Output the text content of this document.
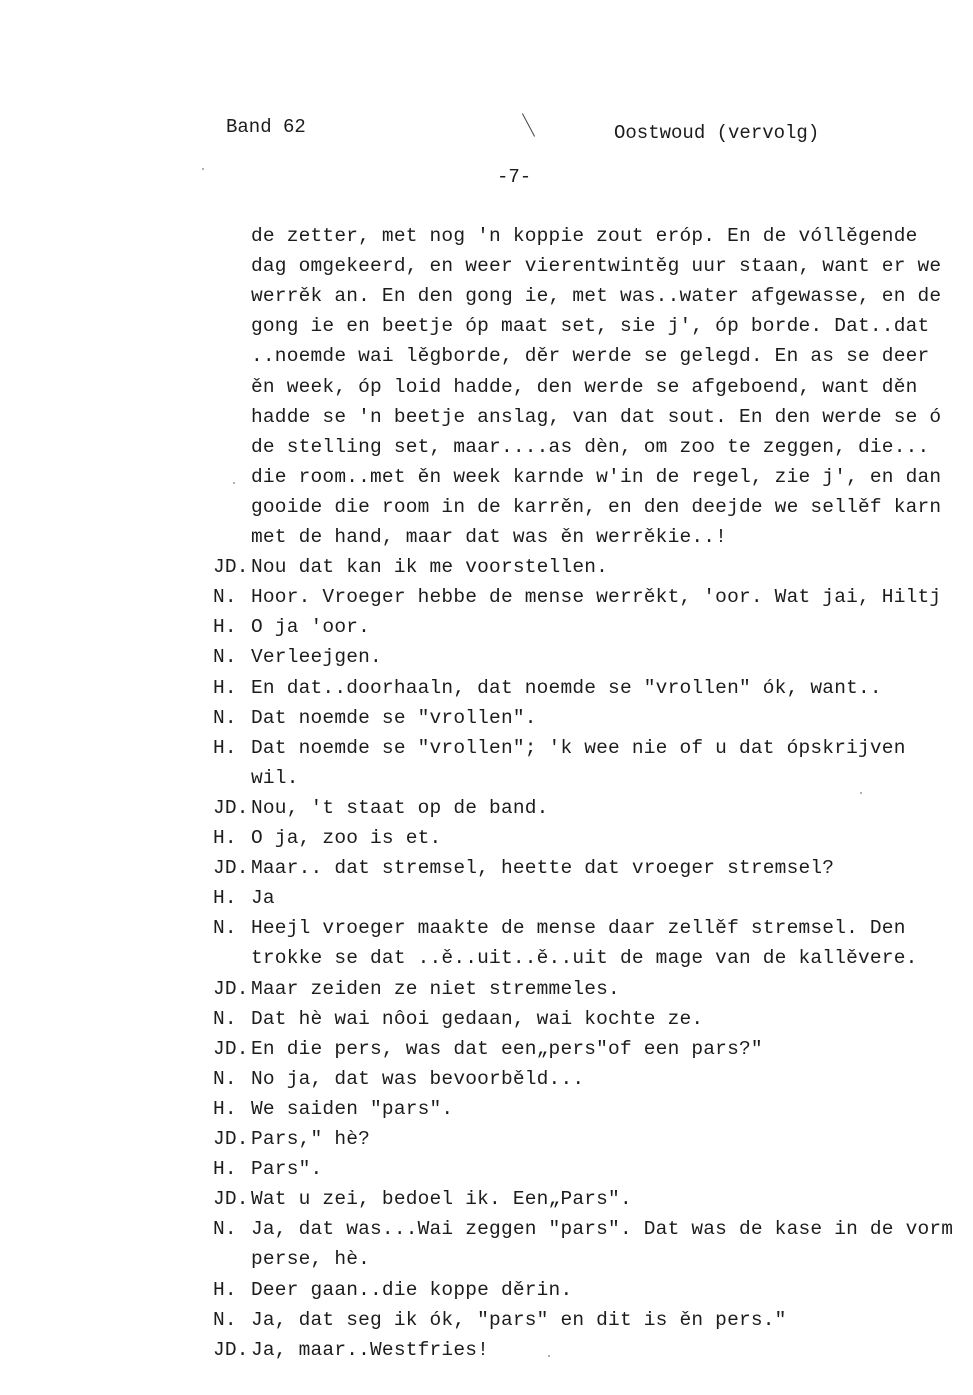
Band 62	Oostwoud (vervolg)
-7-
de zetter, met nog 'n koppie zout eróp. En de vóllěgende
dag omgekeerd, en weer vierentwintěg uur staan, want er we
werrěk an. En den gong ie, met was..water afgewasse, en de
gong ie en beetje óp maat set, sie j', óp borde. Dat..dat
..noemde wai lěgborde, děr werde se gelegd. En as se deer
ěn week, óp loid hadde, den werde se afgeboend, want děn
hadde se 'n beetje anslag, van dat sout. En den werde se ó
de stelling set, maar....as dèn, om zoo te zeggen, die...
die room..met ěn week karnde w'in de regel, zie j', en dan
gooide die room in de karrěn, en den deejde we sellěf karn
met de hand, maar dat was ěn werrěkie..!
JD. Nou dat kan ik me voorstellen.
N. Hoor. Vroeger hebbe de mense werrěkt, 'oor. Wat jai, Hiltj
H. O ja 'oor.
N. Verleejgen.
H. En dat..doorhaaln, dat noemde se "vrollen" ók, want..
N. Dat noemde se "vrollen".
H. Dat noemde se "vrollen"; 'k wee nie of u dat ópskrijven
wil.
JD. Nou, 't staat op de band.
H. O ja, zoo is et.
JD. Maar.. dat stremsel, heette dat vroeger stremsel?
H. Ja
N. Heejl vroeger maakte de mense daar zellěf stremsel. Den
trokke se dat ..ě..uit..ě..uit de mage van de kallěvere.
JD. Maar zeiden ze niet stremmeles.
N. Dat hè wai nôoi gedaan, wai kochte ze.
JD. En die pers, was dat een„pers"of een pars?"
N. No ja, dat was bevoorběld...
H. We saiden "pars".
JD. Pars," hè?
H. Pars".
JD. Wat u zei, bedoel ik. Een„Pars".
N. Ja, dat was...Wai zeggen "pars". Dat was de kase in de vorm
perse, hè.
H. Deer gaan..die koppe děrin.
N. Ja, dat seg ik ók, "pars" en dit is ěn pers."
JD. Ja, maar..Westfries!
